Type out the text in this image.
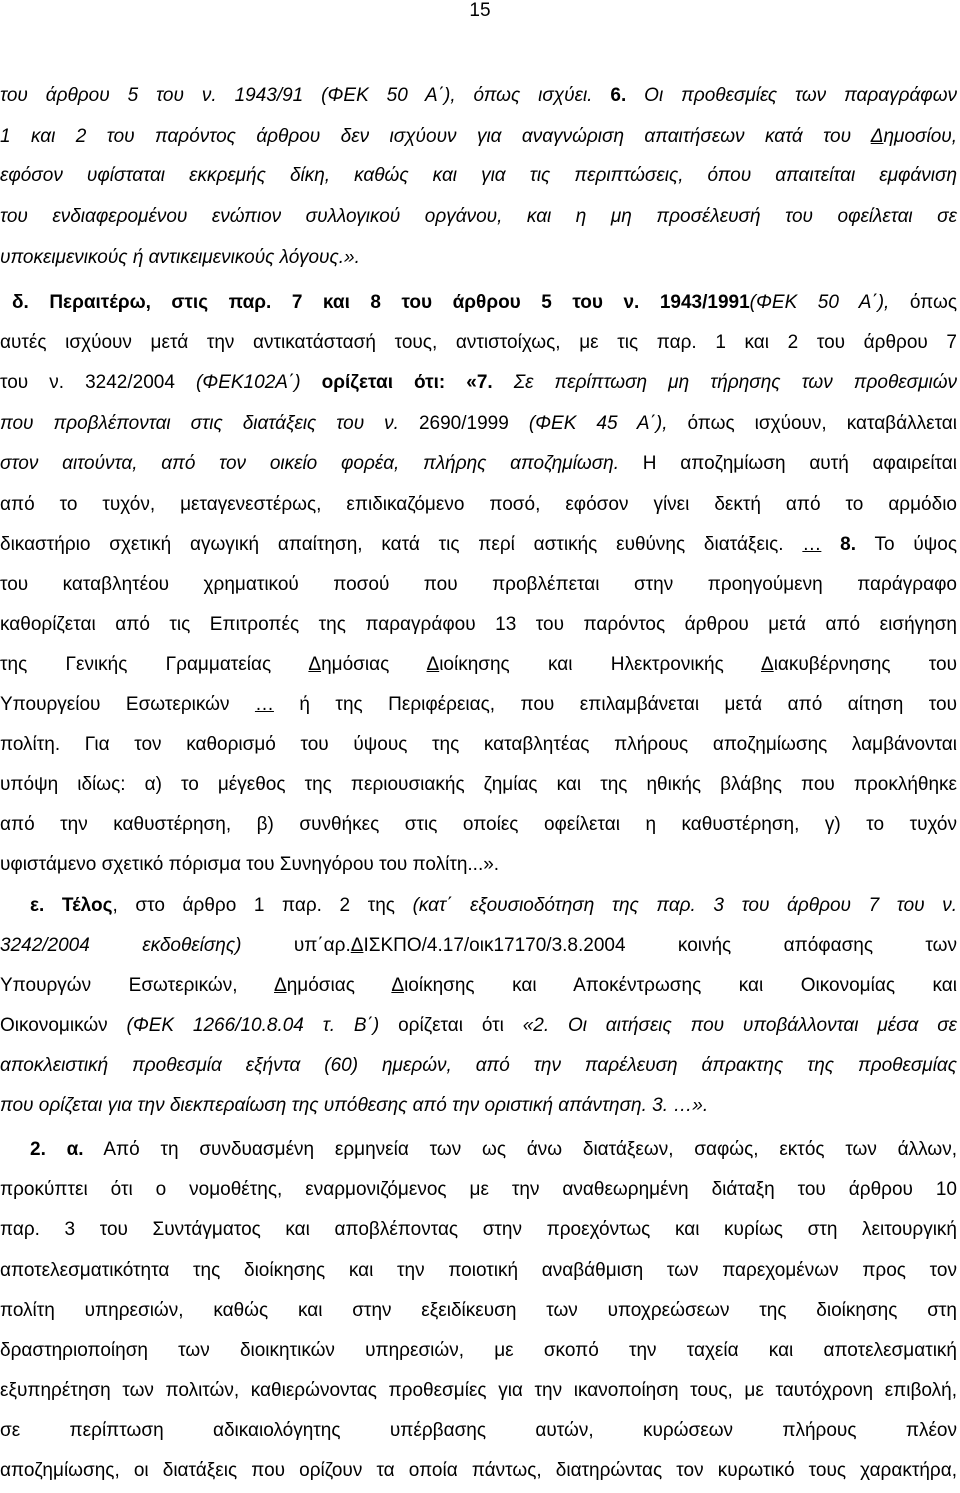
15
του άρθρου 5 του ν. 1943/91 (ΦΕΚ 50 Α΄), όπως ισχύει. 6. Οι προθεσμίες των παραγράφων
1 και 2 του παρόντος άρθρου δεν ισχύουν για αναγνώριση απαιτήσεων κατά του Δημοσίου,
εφόσον υφίσταται εκκρεμής δίκη, καθώς και για τις περιπτώσεις, όπου απαιτείται εμφάνιση
του ενδιαφερομένου ενώπιον συλλογικού οργάνου, και η μη προσέλευσή του οφείλεται σε
υποκειμενικούς ή αντικειμενικούς λόγους.».
δ. Περαιτέρω, στις παρ. 7 και 8 του άρθρου 5 του ν. 1943/1991(ΦΕΚ 50 Α΄), όπως
αυτές ισχύουν μετά την αντικατάστασή τους, αντιστοίχως, με τις παρ. 1 και 2 του άρθρου 7
του ν. 3242/2004 (ΦΕΚ102Α΄) ορίζεται ότι: «7. Σε περίπτωση μη τήρησης των προθεσμιών
που προβλέπονται στις διατάξεις του ν. 2690/1999 (ΦΕΚ 45 Α΄), όπως ισχύουν, καταβάλλεται
στον αιτούντα, από τον οικείο φορέα, πλήρης αποζημίωση. Η αποζημίωση αυτή αφαιρείται
από το τυχόν, μεταγενεστέρως, επιδικαζόμενο ποσό, εφόσον γίνει δεκτή από το αρμόδιο
δικαστήριο σχετική αγωγική απαίτηση, κατά τις περί αστικής ευθύνης διατάξεις. … 8. Το ύψος
του καταβλητέου χρηματικού ποσού που προβλέπεται στην προηγούμενη παράγραφο
καθορίζεται από τις Επιτροπές της παραγράφου 13 του παρόντος άρθρου μετά από εισήγηση
της Γενικής Γραμματείας Δημόσιας Διοίκησης και Ηλεκτρονικής Διακυβέρνησης του
Υπουργείου Εσωτερικών … ή της Περιφέρειας, που επιλαμβάνεται μετά από αίτηση του
πολίτη. Για τον καθορισμό του ύψους της καταβλητέας πλήρους αποζημίωσης λαμβάνονται
υπόψη ιδίως: α) το μέγεθος της περιουσιακής ζημίας και της ηθικής βλάβης που προκλήθηκε
από την καθυστέρηση, β) συνθήκες στις οποίες οφείλεται η καθυστέρηση, γ) το τυχόν
υφιστάμενο σχετικό πόρισμα του Συνηγόρου του πολίτη...».
ε. Τέλος, στο άρθρο 1 παρ. 2 της (κατ΄ εξουσιοδότηση της παρ. 3 του άρθρου 7 του ν.
3242/2004 εκδοθείσης) υπ΄αρ.ΔΙΣΚΠΟ/4.17/οικ17170/3.8.2004 κοινής απόφασης των
Υπουργών Εσωτερικών, Δημόσιας Διοίκησης και Αποκέντρωσης και Οικονομίας και
Οικονομικών (ΦΕΚ 1266/10.8.04 τ. Β΄) ορίζεται ότι «2. Οι αιτήσεις που υποβάλλονται μέσα σε
αποκλειστική προθεσμία εξήντα (60) ημερών, από την παρέλευση άπρακτης της προθεσμίας
που ορίζεται για την διεκπεραίωση της υπόθεσης από την οριστική απάντηση. 3. …».
2. α. Από τη συνδυασμένη ερμηνεία των ως άνω διατάξεων, σαφώς, εκτός των άλλων,
προκύπτει ότι ο νομοθέτης, εναρμονιζόμενος με την αναθεωρημένη διάταξη του άρθρου 10
παρ. 3 του Συντάγματος και αποβλέποντας στην προεχόντως και κυρίως στη λειτουργική
αποτελεσματικότητα της διοίκησης και την ποιοτική αναβάθμιση των παρεχομένων προς τον
πολίτη υπηρεσιών, καθώς και στην εξειδίκευση των υποχρεώσεων της διοίκησης στη
δραστηριοποίηση των διοικητικών υπηρεσιών, με σκοπό την ταχεία και αποτελεσματική
εξυπηρέτηση των πολιτών, καθιερώνοντας προθεσμίες για την ικανοποίηση τους, με ταυτόχρονη επιβολή,
σε περίπτωση αδικαιολόγητης υπέρβασης αυτών, κυρώσεων πλήρους πλέον
αποζημίωσης, οι διατάξεις που ορίζουν τα οποία πάντως, διατηρώντας τον κυρωτικό τους χαρακτήρα,
